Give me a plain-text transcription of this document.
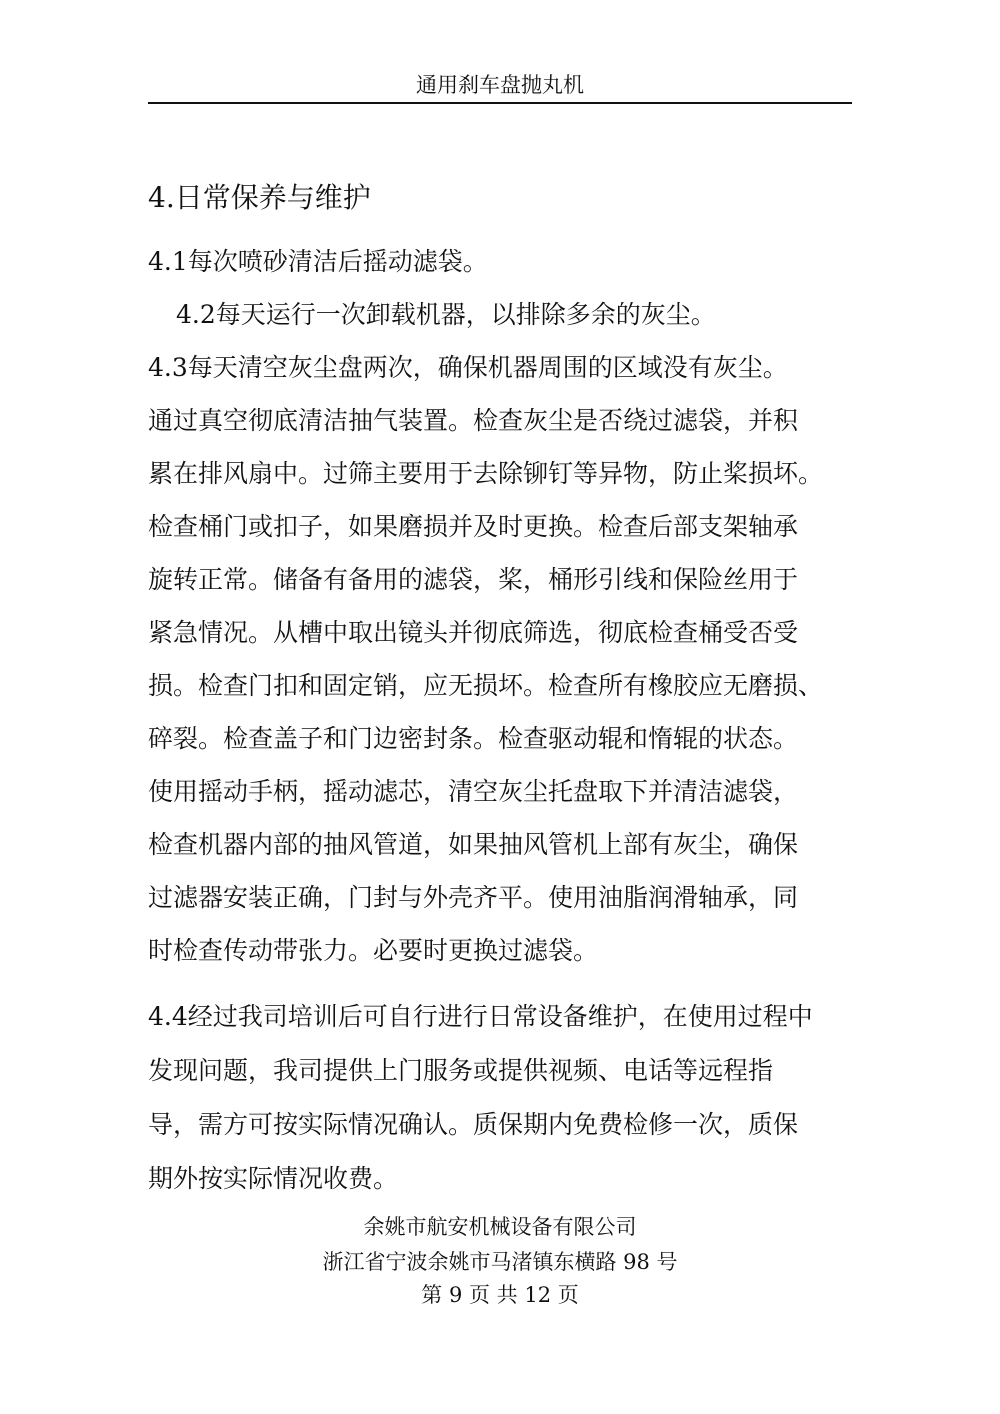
通用刹车盘抛丸机
4.日常保养与维护
4.1每次喷砂清洁后摇动滤袋。
4.2每天运行一次卸载机器，以排除多余的灰尘。
4.3每天清空灰尘盘两次，确保机器周围的区域没有灰尘。
通过真空彻底清洁抽气装置。检查灰尘是否绕过滤袋，并积
累在排风扇中。过筛主要用于去除铆钉等异物，防止桨损坏。
检查桶门或扣子，如果磨损并及时更换。检查后部支架轴承
旋转正常。储备有备用的滤袋，桨，桶形引线和保险丝用于
紧急情况。从槽中取出镜头并彻底筛选，彻底检查桶受否受
损。检查门扣和固定销，应无损坏。检查所有橡胶应无磨损、
碎裂。检查盖子和门边密封条。检查驱动辊和惰辊的状态。
使用摇动手柄，摇动滤芯，清空灰尘托盘取下并清洁滤袋，
检查机器内部的抽风管道，如果抽风管机上部有灰尘，确保
过滤器安装正确，门封与外壳齐平。使用油脂润滑轴承，同
时检查传动带张力。必要时更换过滤袋。
4.4经过我司培训后可自行进行日常设备维护，在使用过程中
发现问题，我司提供上门服务或提供视频、电话等远程指
导，需方可按实际情况确认。质保期内免费检修一次，质保
期外按实际情况收费。
余姚市航安机械设备有限公司
浙江省宁波余姚市马渚镇东横路 98 号
第 9 页 共 12 页
